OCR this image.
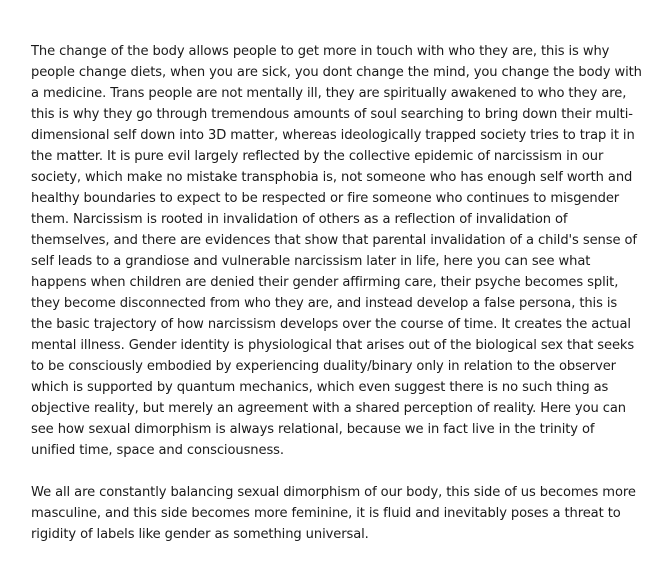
The change of the body allows people to get more in touch with who they are, this is why
people change diets, when you are sick, you dont change the mind, you change the body with
a medicine. Trans people are not mentally ill, they are spiritually awakened to who they are,
this is why they go through tremendous amounts of soul searching to bring down their multi-
dimensional self down into 3D matter, whereas ideologically trapped society tries to trap it in
the matter. It is pure evil largely reflected by the collective epidemic of narcissism in our
society, which make no mistake transphobia is, not someone who has enough self worth and
healthy boundaries to expect to be respected or fire someone who continues to misgender
them. Narcissism is rooted in invalidation of others as a reflection of invalidation of
themselves, and there are evidences that show that parental invalidation of a child's sense of
self leads to a grandiose and vulnerable narcissism later in life, here you can see what
happens when children are denied their gender affirming care, their psyche becomes split,
they become disconnected from who they are, and instead develop a false persona, this is
the basic trajectory of how narcissism develops over the course of time. It creates the actual
mental illness. Gender identity is physiological that arises out of the biological sex that seeks
to be consciously embodied by experiencing duality/binary only in relation to the observer
which is supported by quantum mechanics, which even suggest there is no such thing as
objective reality, but merely an agreement with a shared perception of reality. Here you can
see how sexual dimorphism is always relational, because we in fact live in the trinity of
unified time, space and consciousness.

We all are constantly balancing sexual dimorphism of our body, this side of us becomes more
masculine, and this side becomes more feminine, it is fluid and inevitably poses a threat to
rigidity of labels like gender as something universal.
